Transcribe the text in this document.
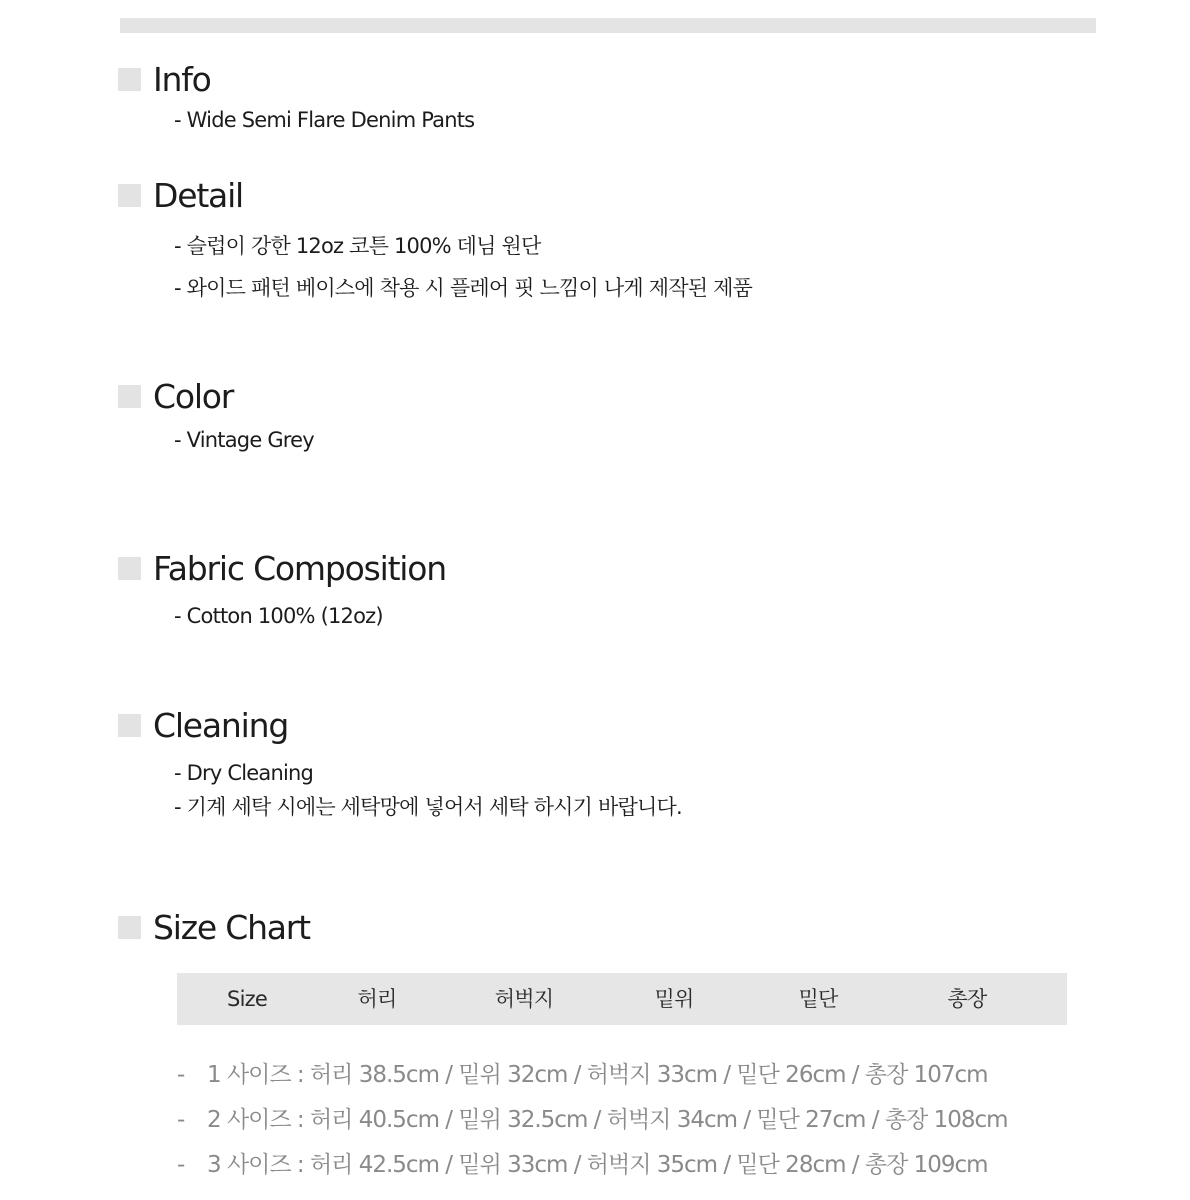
Info
- Wide Semi Flare Denim Pants
Detail
- 슬럽이 강한 12oz 코튼 100% 데님 원단
- 와이드 패턴 베이스에 착용 시 플레어 핏 느낌이 나게 제작된 제품
Color
- Vintage Grey
Fabric Composition
- Cotton 100% (12oz)
Cleaning
- Dry Cleaning
- 기계 세탁 시에는 세탁망에 넣어서 세탁 하시기 바랍니다.
Size Chart
Size	허리	허벅지	밑위	밑단	총장
- 1 사이즈 : 허리 38.5cm / 밑위 32cm / 허벅지 33cm / 밑단 26cm / 총장 107cm
- 2 사이즈 : 허리 40.5cm / 밑위 32.5cm / 허벅지 34cm / 밑단 27cm / 총장 108cm
- 3 사이즈 : 허리 42.5cm / 밑위 33cm / 허벅지 35cm / 밑단 28cm / 총장 109cm
